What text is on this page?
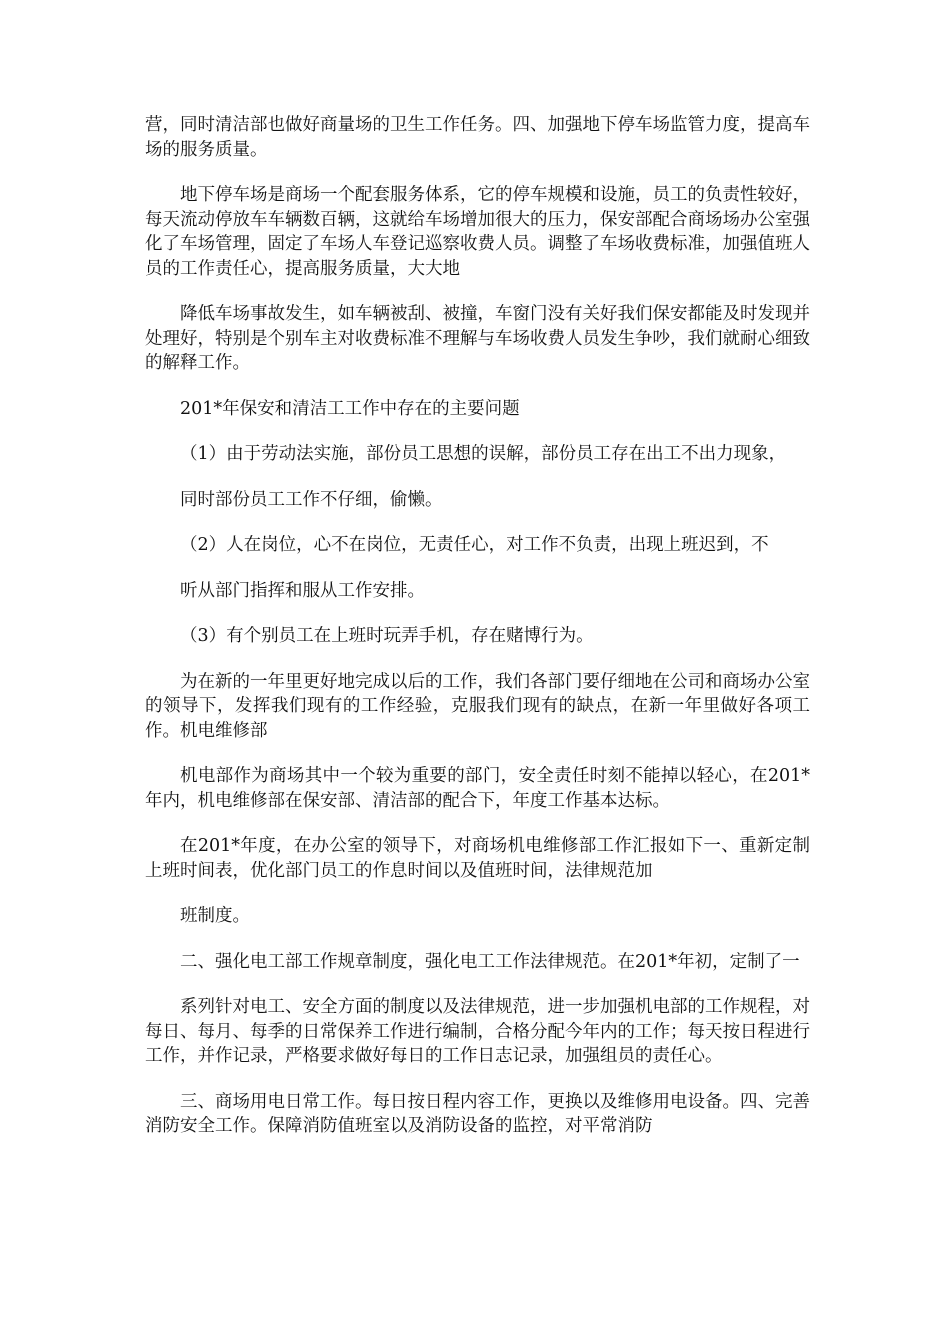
营，同时清洁部也做好商量场的卫生工作任务。四、加强地下停车场监管力度，提高车场的服务质量。

地下停车场是商场一个配套服务体系，它的停车规模和设施，员工的负责性较好，每天流动停放车车辆数百辆，这就给车场增加很大的压力，保安部配合商场场办公室强化了车场管理，固定了车场人车登记巡察收费人员。调整了车场收费标准，加强值班人员的工作责任心，提高服务质量，大大地

降低车场事故发生，如车辆被刮、被撞，车窗门没有关好我们保安都能及时发现并处理好，特别是个别车主对收费标准不理解与车场收费人员发生争吵，我们就耐心细致的解释工作。

201*年保安和清洁工工作中存在的主要问题

（1）由于劳动法实施，部份员工思想的误解，部份员工存在出工不出力现象，

同时部份员工工作不仔细，偷懒。

（2）人在岗位，心不在岗位，无责任心，对工作不负责，出现上班迟到，不

听从部门指挥和服从工作安排。

（3）有个别员工在上班时玩弄手机，存在赌博行为。

为在新的一年里更好地完成以后的工作，我们各部门要仔细地在公司和商场办公室的领导下，发挥我们现有的工作经验，克服我们现有的缺点，在新一年里做好各项工作。机电维修部

机电部作为商场其中一个较为重要的部门，安全责任时刻不能掉以轻心，在201*年内，机电维修部在保安部、清洁部的配合下，年度工作基本达标。

在201*年度，在办公室的领导下，对商场机电维修部工作汇报如下一、重新定制上班时间表，优化部门员工的作息时间以及值班时间，法律规范加

班制度。

二、强化电工部工作规章制度，强化电工工作法律规范。在201*年初，定制了一

系列针对电工、安全方面的制度以及法律规范，进一步加强机电部的工作规程，对每日、每月、每季的日常保养工作进行编制，合格分配今年内的工作；每天按日程进行工作，并作记录，严格要求做好每日的工作日志记录，加强组员的责任心。

三、商场用电日常工作。每日按日程内容工作，更换以及维修用电设备。四、完善消防安全工作。保障消防值班室以及消防设备的监控，对平常消防
